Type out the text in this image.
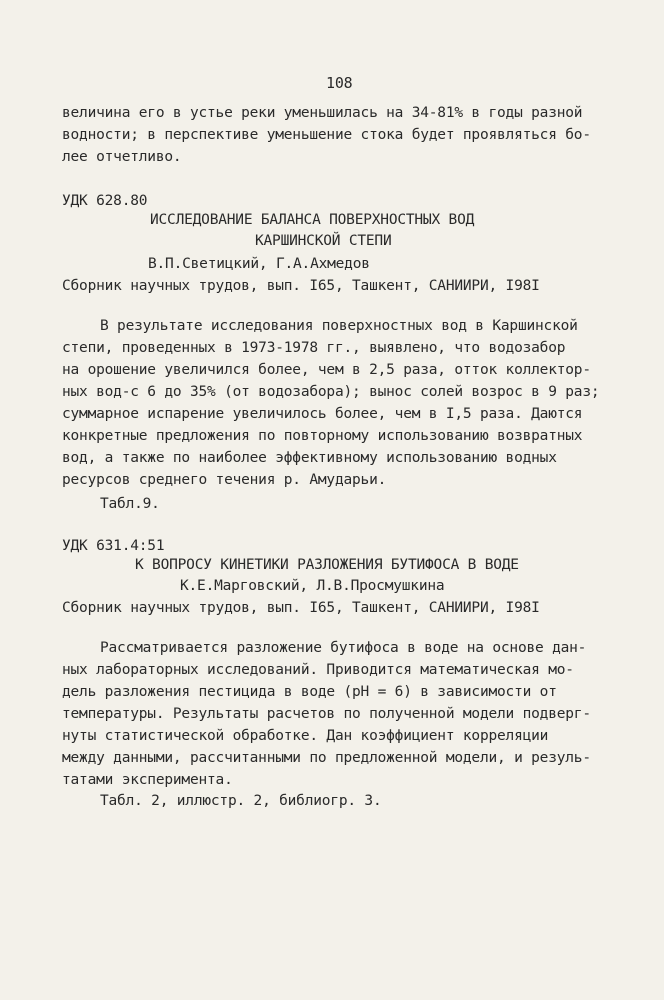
108
величина его в устье реки уменьшилась на 34-81% в годы разной
водности; в перспективе уменьшение стока будет проявляться бо-
лее отчетливо.
УДК 628.80
ИССЛЕДОВАНИЕ БАЛАНСА ПОВЕРХНОСТНЫХ ВОД
КАРШИНСКОЙ СТЕПИ
В.П.Светицкий, Г.А.Ахмедов
Сборник научных трудов, вып. I65, Ташкент, САНИИРИ, I98I
В результате исследования поверхностных вод в Каршинской
степи, проведенных в 1973-1978 гг., выявлено, что водозабор
на орошение увеличился более, чем в 2,5 раза, отток коллектор-
ных вод-с 6 до 35% (от водозабора); вынос солей возрос в 9 раз;
суммарное испарение увеличилось более, чем в I,5 раза. Даются
конкретные предложения по повторному использованию возвратных
вод, а также по наиболее эффективному использованию водных
ресурсов среднего течения р. Амударьи.
Табл.9.
УДК 631.4:51
К ВОПРОСУ КИНЕТИКИ РАЗЛОЖЕНИЯ БУТИФОСА В ВОДЕ
К.Е.Марговский, Л.В.Просмушкина
Сборник научных трудов, вып. I65, Ташкент, САНИИРИ, I98I
Рассматривается разложение бутифоса в воде на основе дан-
ных лабораторных исследований. Приводится математическая мо-
дель разложения пестицида в воде (pH = 6) в зависимости от
температуры. Результаты расчетов по полученной модели подверг-
нуты статистической обработке. Дан коэффициент корреляции
между данными, рассчитанными по предложенной модели, и резуль-
татами эксперимента.
Табл. 2, иллюстр. 2, библиогр. 3.
